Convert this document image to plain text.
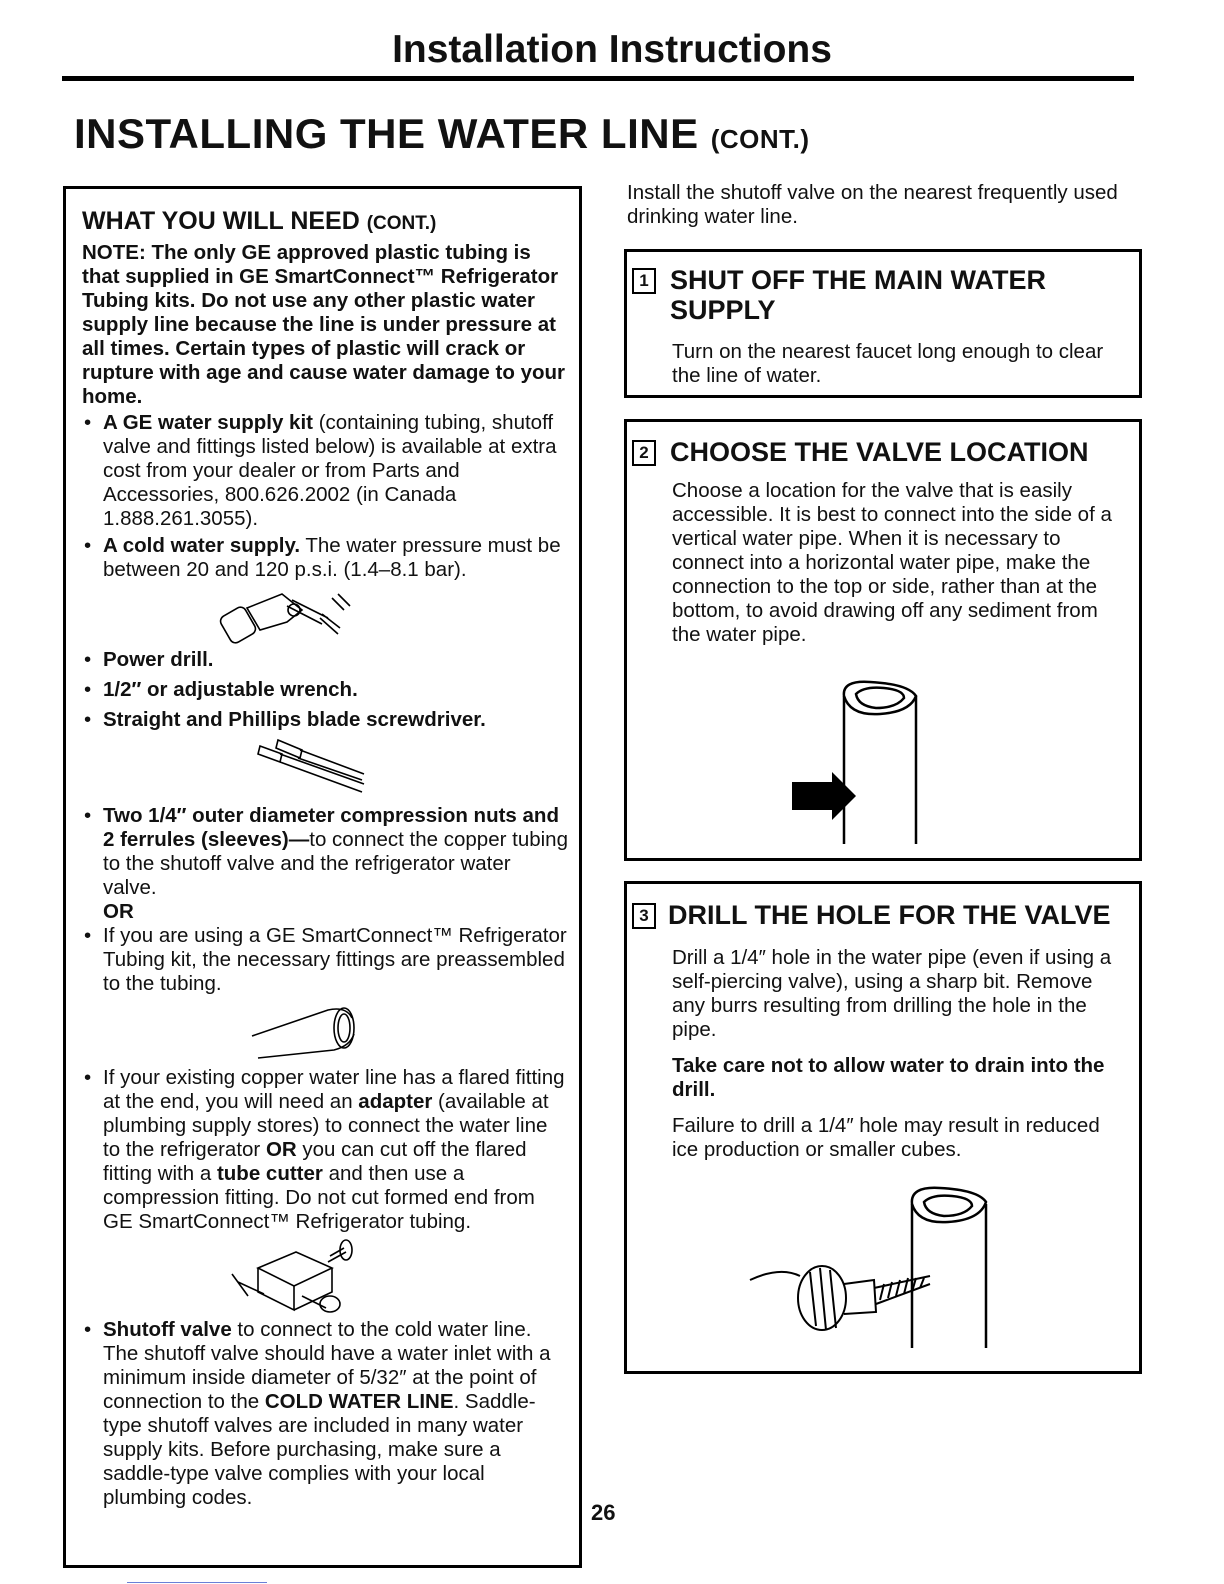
Installation Instructions
INSTALLING THE WATER LINE (CONT.)
WHAT YOU WILL NEED (CONT.)

NOTE: The only GE approved plastic tubing is that supplied in GE SmartConnect™ Refrigerator Tubing kits. Do not use any other plastic water supply line because the line is under pressure at all times. Certain types of plastic will crack or rupture with age and cause water damage to your home.

• A GE water supply kit (containing tubing, shutoff valve and fittings listed below) is available at extra cost from your dealer or from Parts and Accessories, 800.626.2002 (in Canada 1.888.261.3055).
• A cold water supply. The water pressure must be between 20 and 120 p.s.i. (1.4–8.1 bar).
• Power drill.
• 1/2″ or adjustable wrench.
• Straight and Phillips blade screwdriver.
• Two 1/4″ outer diameter compression nuts and 2 ferrules (sleeves)—to connect the copper tubing to the shutoff valve and the refrigerator water valve.

OR

• If you are using a GE SmartConnect™ Refrigerator Tubing kit, the necessary fittings are preassembled to the tubing.
• If your existing copper water line has a flared fitting at the end, you will need an adapter (available at plumbing supply stores) to connect the water line to the refrigerator OR you can cut off the flared fitting with a tube cutter and then use a compression fitting. Do not cut formed end from GE SmartConnect™ Refrigerator tubing.
• Shutoff valve to connect to the cold water line. The shutoff valve should have a water inlet with a minimum inside diameter of 5/32″ at the point of connection to the COLD WATER LINE. Saddle-type shutoff valves are included in many water supply kits. Before purchasing, make sure a saddle-type valve complies with your local plumbing codes.
Install the shutoff valve on the nearest frequently used drinking water line.
1 SHUT OFF THE MAIN WATER
SUPPLY
Turn on the nearest faucet long enough to clear the line of water.
2 CHOOSE THE VALVE LOCATION
Choose a location for the valve that is easily accessible. It is best to connect into the side of a vertical water pipe. When it is necessary to connect into a horizontal water pipe, make the connection to the top or side, rather than at the bottom, to avoid drawing off any sediment from the water pipe.
3 DRILL THE HOLE FOR THE VALVE

Drill a 1/4″ hole in the water pipe (even if using a self-piercing valve), using a sharp bit. Remove any burrs resulting from drilling the hole in the pipe.

Take care not to allow water to drain into the drill.

Failure to drill a 1/4″ hole may result in reduced ice production or smaller cubes.

26
